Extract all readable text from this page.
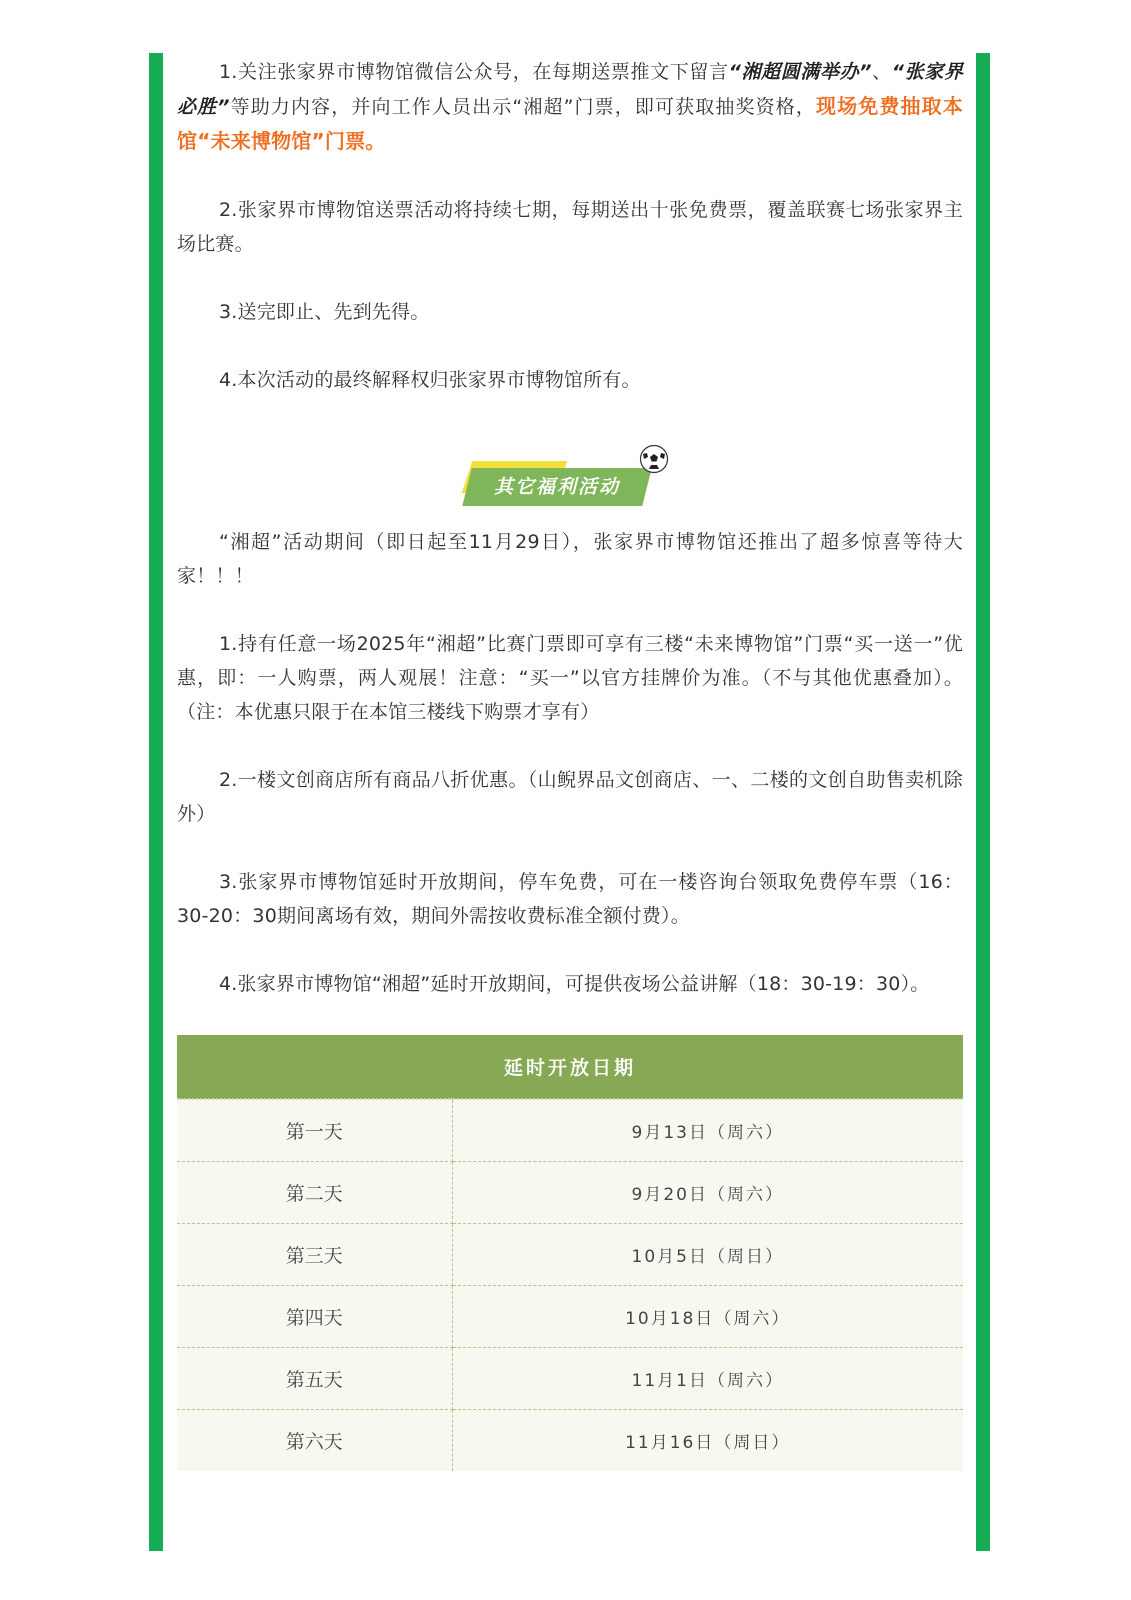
1.关注张家界市博物馆微信公众号，在每期送票推文下留言“湘超圆满举办”、“张家界必胜”等助力内容，并向工作人员出示“湘超”门票，即可获取抽奖资格，现场免费抽取本馆“未来博物馆”门票。

2.张家界市博物馆送票活动将持续七期，每期送出十张免费票，覆盖联赛七场张家界主场比赛。

3.送完即止、先到先得。

4.本次活动的最终解释权归张家界市博物馆所有。

其它福利活动

“湘超”活动期间（即日起至11月29日），张家界市博物馆还推出了超多惊喜等待大家！！！

1.持有任意一场2025年“湘超”比赛门票即可享有三楼“未来博物馆”门票“买一送一”优惠，即：一人购票，两人观展！注意：“买一”以官方挂牌价为准。（不与其他优惠叠加）。（注：本优惠只限于在本馆三楼线下购票才享有）

2.一楼文创商店所有商品八折优惠。（山鲵界品文创商店、一、二楼的文创自助售卖机除外）

3.张家界市博物馆延时开放期间，停车免费，可在一楼咨询台领取免费停车票（16：30-20：30期间离场有效，期间外需按收费标准全额付费）。

4.张家界市博物馆“湘超”延时开放期间，可提供夜场公益讲解（18：30-19：30）。

延时开放日期	
第一天	9月13日（周六）
第二天	9月20日（周六）
第三天	10月5日（周日）
第四天	10月18日（周六）
第五天	11月1日（周六）
第六天	11月16日（周日）
